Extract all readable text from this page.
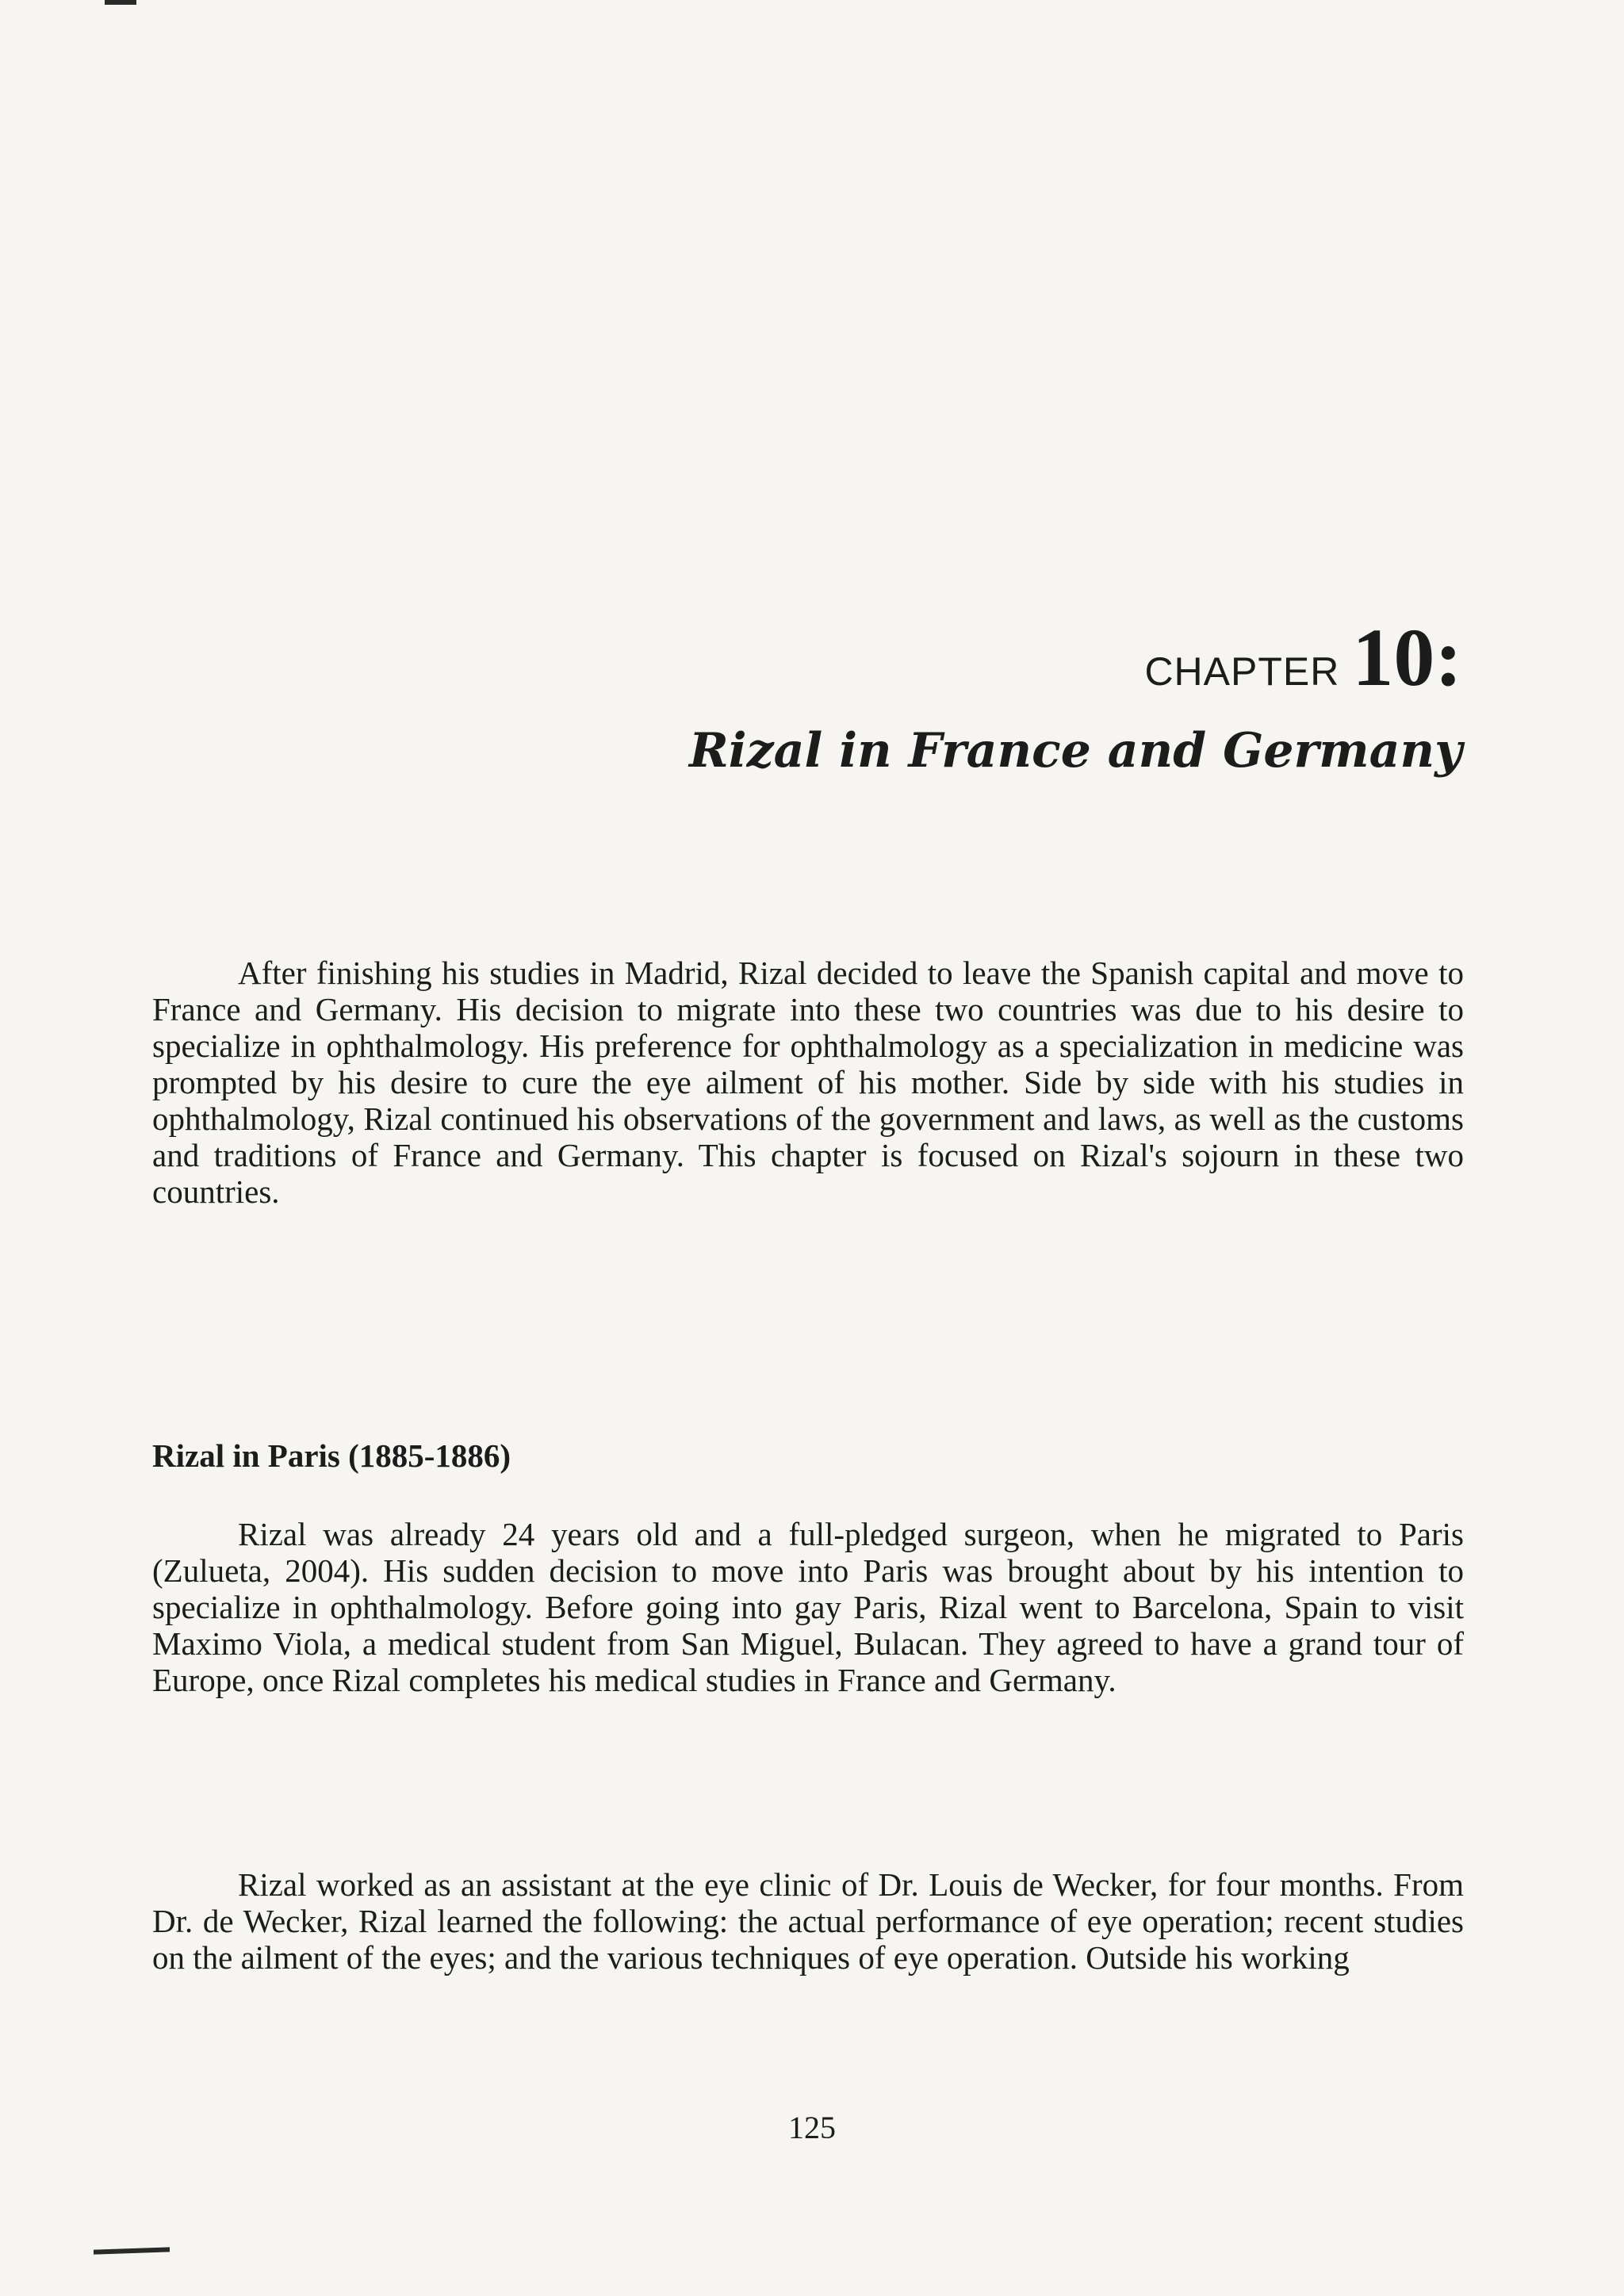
CHAPTER 10:
Rizal in France and Germany

After finishing his studies in Madrid, Rizal decided to leave the Spanish capital and move to France and Germany. His decision to migrate into these two countries was due to his desire to specialize in ophthalmology. His preference for ophthalmology as a specialization in medicine was prompted by his desire to cure the eye ailment of his mother. Side by side with his studies in ophthalmology, Rizal continued his observations of the government and laws, as well as the customs and traditions of France and Germany. This chapter is focused on Rizal's sojourn in these two countries.

Rizal in Paris (1885-1886)

Rizal was already 24 years old and a full-pledged surgeon, when he migrated to Paris (Zulueta, 2004). His sudden decision to move into Paris was brought about by his intention to specialize in ophthalmology. Before going into gay Paris, Rizal went to Barcelona, Spain to visit Maximo Viola, a medical student from San Miguel, Bulacan. They agreed to have a grand tour of Europe, once Rizal completes his medical studies in France and Germany.

Rizal worked as an assistant at the eye clinic of Dr. Louis de Wecker, for four months. From Dr. de Wecker, Rizal learned the following: the actual performance of eye operation; recent studies on the ailment of the eyes; and the various techniques of eye operation. Outside his working

125
